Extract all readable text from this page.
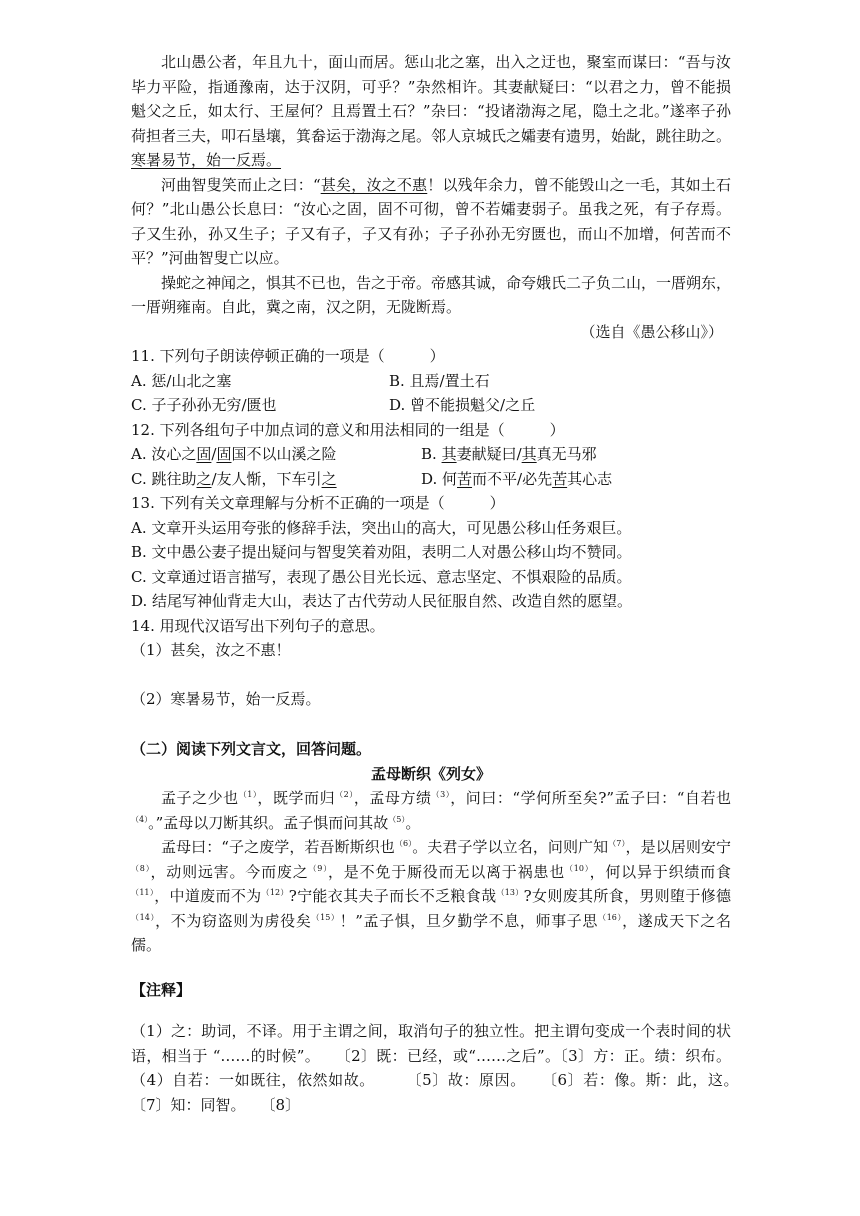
北山愚公者，年且九十，面山而居。惩山北之塞，出入之迂也，聚室而谋曰：“吾与汝毕力平险，指通豫南，达于汉阴，可乎？”杂然相许。其妻献疑曰：“以君之力，曾不能损魁父之丘，如太行、王屋何？且焉置土石？”杂曰：“投诸渤海之尾，隐土之北。”遂率子孙荷担者三夫，叩石垦壤，箕畚运于渤海之尾。邻人京城氏之孀妻有遗男，始龀，跳往助之。寒暑易节，始一反焉。

河曲智叟笑而止之曰：“甚矣，汝之不惠！以残年余力，曾不能毁山之一毛，其如土石何？”北山愚公长息曰：“汝心之固，固不可彻，曾不若孀妻弱子。虽我之死，有子存焉。子又生孙，孙又生子；子又有子，子又有孙；子子孙孙无穷匮也，而山不加增，何苦而不平？”河曲智叟亡以应。

操蛇之神闻之，惧其不已也，告之于帝。帝感其诚，命夸娥氏二子负二山，一厝朔东，一厝朔雍南。自此，冀之南，汉之阴，无陇断焉。

（选自《愚公移山》）

11. 下列句子朗读停顿正确的一项是（　　　）

A. 惩/山北之塞	B. 且焉/置土石
C. 子子孙孙无穷/匮也	D. 曾不能损魁父/之丘

12. 下列各组句子中加点词的意义和用法相同的一组是（　　　）

A. 汝心之固/固国不以山溪之险	B. 其妻献疑曰/其真无马邪
C. 跳往助之/友人惭，下车引之	D. 何苦而不平/必先苦其心志

13. 下列有关文章理解与分析不正确的一项是（　　　）

A. 文章开头运用夸张的修辞手法，突出山的高大，可见愚公移山任务艰巨。

B. 文中愚公妻子提出疑问与智叟笑着劝阻，表明二人对愚公移山均不赞同。

C. 文章通过语言描写，表现了愚公目光长远、意志坚定、不惧艰险的品质。

D. 结尾写神仙背走大山，表达了古代劳动人民征服自然、改造自然的愿望。

14. 用现代汉语写出下列句子的意思。

（1）甚矣，汝之不惠！

（2）寒暑易节，始一反焉。

（二）阅读下列文言文，回答问题。

孟母断织《列女》

孟子之少也$^{(1)}$，既学而归$^{(2)}$，孟母方绩$^{(3)}$，问曰：“学何所至矣?”孟子曰：“自若也$^{(4)}$。”孟母以刀断其织。孟子惧而问其故$^{(5)}$。

孟母曰：“子之废学，若吾断斯织也$^{(6)}$。夫君子学以立名，问则广知$^{(7)}$，是以居则安宁$^{(8)}$，动则远害。今而废之$^{(9)}$，是不免于厮役而无以离于祸患也$^{(10)}$，何以异于织绩而食$^{(11)}$，中道废而不为$^{(12)}$?宁能衣其夫子而长不乏粮食哉$^{(13)}$?女则废其所食，男则堕于修德$^{(14)}$，不为窃盗则为虏役矣$^{(15)}$！”孟子惧，旦夕勤学不息，师事子思$^{(16)}$，遂成天下之名儒。

【注释】

（1）之：助词，不译。用于主谓之间，取消句子的独立性。把主谓句变成一个表时间的状语，相当于 “……的时候”。　　〔2〕既：已经，或“……之后”。〔3〕方：正。绩：织布。（4）自若：一如既往，依然如故。　　　〔5〕故：原因。　　〔6〕若：像。斯：此，这。　　　〔7〕知：同智。　　〔8〕
